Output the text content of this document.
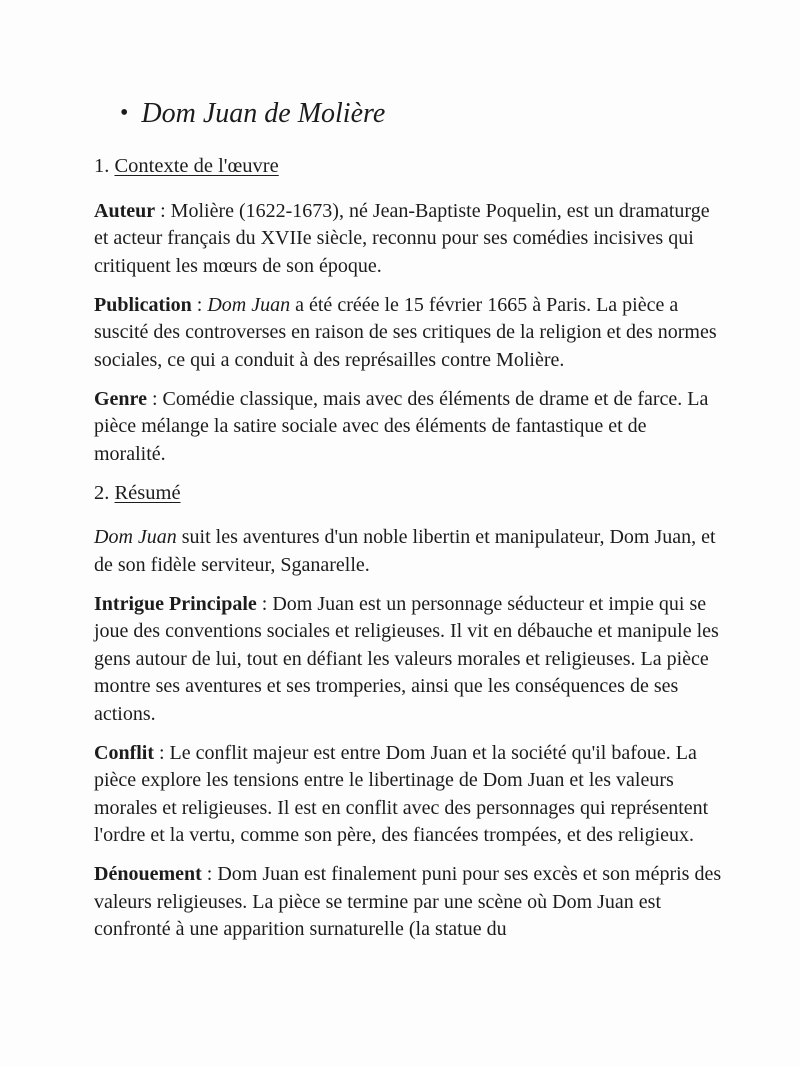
• Dom Juan de Molière

1. Contexte de l'œuvre

Auteur : Molière (1622-1673), né Jean-Baptiste Poquelin, est un dramaturge et acteur français du XVIIe siècle, reconnu pour ses comédies incisives qui critiquent les mœurs de son époque.

Publication : Dom Juan a été créée le 15 février 1665 à Paris. La pièce a suscité des controverses en raison de ses critiques de la religion et des normes sociales, ce qui a conduit à des représailles contre Molière.

Genre : Comédie classique, mais avec des éléments de drame et de farce. La pièce mélange la satire sociale avec des éléments de fantastique et de moralité.

2. Résumé

Dom Juan suit les aventures d'un noble libertin et manipulateur, Dom Juan, et de son fidèle serviteur, Sganarelle.

Intrigue Principale : Dom Juan est un personnage séducteur et impie qui se joue des conventions sociales et religieuses. Il vit en débauche et manipule les gens autour de lui, tout en défiant les valeurs morales et religieuses. La pièce montre ses aventures et ses tromperies, ainsi que les conséquences de ses actions.

Conflit : Le conflit majeur est entre Dom Juan et la société qu'il bafoue. La pièce explore les tensions entre le libertinage de Dom Juan et les valeurs morales et religieuses. Il est en conflit avec des personnages qui représentent l'ordre et la vertu, comme son père, des fiancées trompées, et des religieux.

Dénouement : Dom Juan est finalement puni pour ses excès et son mépris des valeurs religieuses. La pièce se termine par une scène où Dom Juan est confronté à une apparition surnaturelle (la statue du
